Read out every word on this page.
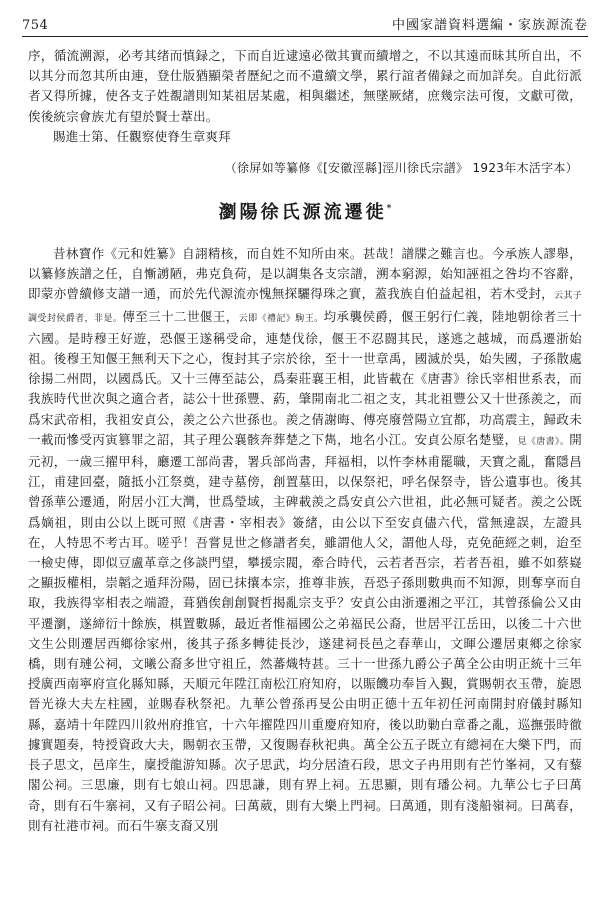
754	中國家譜資料選編・家族源流卷

序，循流溯源，必考其绪而慎録之，下而自近逮遠必徵其實而續增之，不以其遠而昧其所自出，不以其分而忽其所由連，登仕版猶顯榮者歷紀之而不遺續文學，累行誼者備録之而加詳矣。自此衍派者又得所據，使各支子姓覩譜則知某祖居某處，相與繼述，無墜厥緒，庶幾宗法可復，文獻可徵，俟後統宗會族尤有望於賢士葦出。

賜進士第、任觀察使脊生章爽拜

（徐屏如等纂修《[安徽涇縣]涇川徐氏宗譜》 1923年木活字本）

瀏陽徐氏源流遷徙*

昔林寶作《元和姓纂》自詡精核，而自姓不知所由來。甚哉！譜牒之難言也。今承族人謬舉，以纂修族譜之任，自慚謭陋，弗克負荷，是以調集各支宗譜，溯本窮源，始知誣祖之咎均不容辭，即蒙亦曾續修支譜一通，而於先代源流亦愧無探驪得珠之實，蓋我族自伯益起祖，若木受封，云其子調受封侯爵者，非是。傳至三十二世偃王，云即《禮記》駒王。均承襲侯爵，偃王躬行仁義，陸地朝徐者三十六國。是時穆王好遊，恐偃王遂稱受命，連楚伐徐，偃王不忍闘其民，遂逃之越城，而爲遷浙始祖。後穆王知偃王無利天下之心，復封其子宗於徐，至十一世章禹，國滅於吳，始失國，子孫散處徐揚二州問，以國爲氏。又十三傳至誌公，爲秦莊襄王相，此皆載在《唐書》徐氏宰相世系表，而我族時代世次與之適合者，誌公十世孫豐、葯，肇開南北二祖之支，其北祖豐公又十世孫羨之，而爲宋武帝相，我祖安貞公，羨之公六世孫也。羨之倩謝晦、傅亮廢營陽立宜都，功高震主，歸政未一載而慘受丙寅篡罪之詔，其子理公襄骸奔葬楚之下雋，地名小江。安貞公原名楚璧，見《唐書》。開元初，一歲三擢甲科，廳遷工部尚書，署兵部尚書，拜福相，以忤李林甫罷職，天寶之亂，奮隱昌江，甫建回臺，隨抵小江祭奠，建寺墓傍，創置墓田，以保祭祀，呼名保祭寺，皆公遺事也。後其曾孫華公遷通，附居小江大灣，世爲瑩域，主碑載羨之爲安貞公六世祖，此必無可疑者。羨之公既爲嫡祖，則由公以上既可照《唐書・宰相表》簽緒，由公以下至安貞儘六代，當無違誤，左證具在，人特思不考古耳。嗟乎！吾嘗見世之修譜者矣，雖謂他人父，謂他人母，克免葩經之刺，迨至一檢史傳，即似豆盧革章之侈談門望，攀援宗閥，牽合時代，云若者吾宗，若者吾祖，雖不如蔡嶷之顯扳權相，崇韜之遁拜汾陽，固已抹攘本宗，推尊非族，吾恐子孫則數典而不知源，則奪享而自取，我族得宰相表之端證，葺猶俟創創賢哲揭亂宗支乎？安貞公由浙遷湘之平江，其曾孫倫公又由平遷瀏，遂締衍十餘族，棋置數縣，最近者惟福國公之弟福民公裔，世居平江岳田，以後二十六世文生公則遷居西鄉徐家州，後其子孫多轉徒長沙，遂建祠長邑之春華山，文暉公遷居東鄉之徐家橋，則有璉公祠，文曦公裔多世守祖丘，然蕃熾特甚。三十一世孫九爵公子萬全公由明正統十三年授廣西南寧府宣化縣知縣，天順元年陞江南松江府知府，以賑饑功奉旨入覲，賞賜朝衣玉帶，旋恩晉光祿大夫左柱國，並賜春秋祭祀。九華公曾孫再旻公由明正德十五年初任河南開封府儀封縣知縣，嘉靖十年陞四川敘州府推官，十六年擢陞四川重慶府知府，後以助勦白章番之亂，巡撫張時徹據實題奏，特授資政大夫，賜朝衣玉帶，又復賜春秋祀典。萬全公五子既立有總祠在大樂下門，而長子思文，邑庠生，廩授龍游知縣。次子思武，均分居渣石段，思文子冉用則有芒竹峯祠，又有藜閣公祠。三思廉，則有七娘山祠。四思謙，則有界上祠。五思顯，則有璠公祠。九華公七子曰萬奇，則有石牛寨祠，又有子昭公祠。曰萬葳，則有大樂上門祠。曰萬通，則有淺船嶺祠。曰萬春，則有社港市祠。而石牛寨支裔又別
